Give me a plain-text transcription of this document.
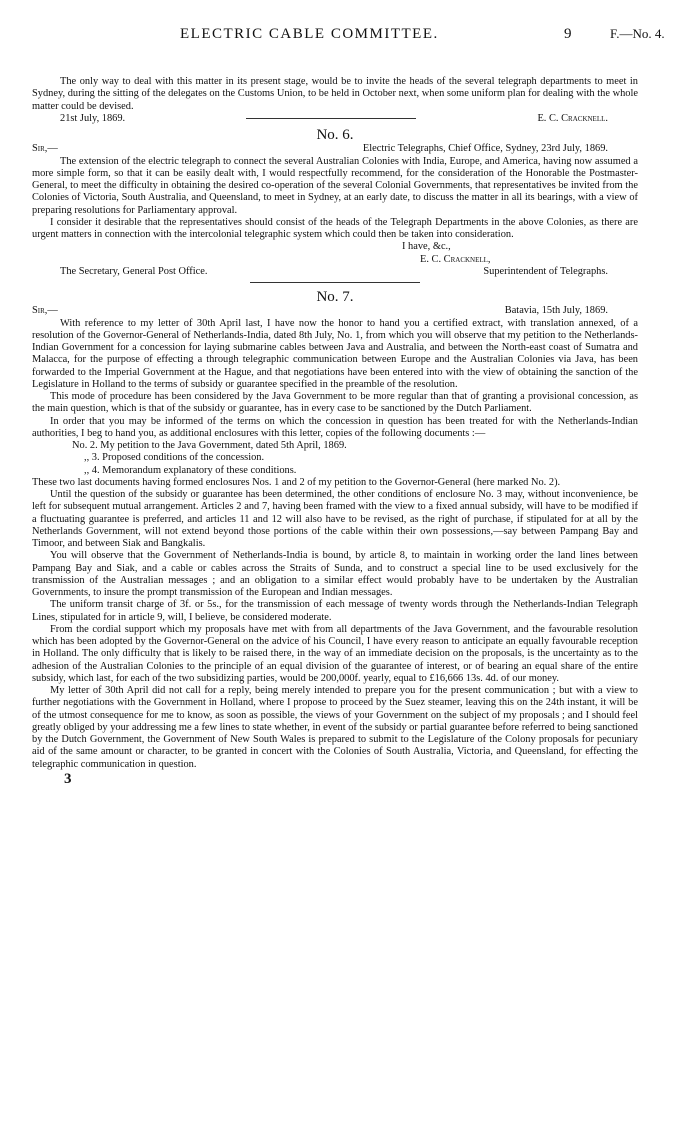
ELECTRIC CABLE COMMITTEE.	9	F.—No. 4.

The only way to deal with this matter in its present stage, would be to invite the heads of the several telegraph departments to meet in Sydney, during the sitting of the delegates on the Customs Union, to be held in October next, when some uniform plan for dealing with the whole matter could be devised.

21st July, 1869.	E. C. Cracknell.
No. 6.
Sir,—	Electric Telegraphs, Chief Office, Sydney, 23rd July, 1869.

The extension of the electric telegraph to connect the several Australian Colonies with India, Europe, and America, having now assumed a more simple form, so that it can be easily dealt with, I would respectfully recommend, for the consideration of the Honorable the Postmaster-General, to meet the difficulty in obtaining the desired co-operation of the several Colonial Governments, that representatives be invited from the Colonies of Victoria, South Australia, and Queensland, to meet in Sydney, at an early date, to discuss the matter in all its bearings, with a view of preparing resolutions for Parliamentary approval.

I consider it desirable that the representatives should consist of the heads of the Telegraph Departments in the above Colonies, as there are urgent matters in connection with the intercolonial telegraphic system which could then be taken into consideration.

I have, &c.,
E. C. Cracknell,
The Secretary, General Post Office.	Superintendent of Telegraphs.
No. 7.
Sir,—	Batavia, 15th July, 1869.

With reference to my letter of 30th April last, I have now the honor to hand you a certified extract, with translation annexed, of a resolution of the Governor-General of Netherlands-India, dated 8th July, No. 1, from which you will observe that my petition to the Netherlands-Indian Government for a concession for laying submarine cables between Java and Australia, and between the North-east coast of Sumatra and Malacca, for the purpose of effecting a through telegraphic communication between Europe and the Australian Colonies via Java, has been forwarded to the Imperial Government at the Hague, and that negotiations have been entered into with the view of obtaining the sanction of the Legislature in Holland to the terms of subsidy or guarantee specified in the preamble of the resolution.

This mode of procedure has been considered by the Java Government to be more regular than that of granting a provisional concession, as the main question, which is that of the subsidy or guarantee, has in every case to be sanctioned by the Dutch Parliament.

In order that you may be informed of the terms on which the concession in question has been treated for with the Netherlands-Indian authorities, I beg to hand you, as additional enclosures with this letter, copies of the following documents :—

No. 2. My petition to the Java Government, dated 5th April, 1869.
,, 3. Proposed conditions of the concession.
,, 4. Memorandum explanatory of these conditions.

These two last documents having formed enclosures Nos. 1 and 2 of my petition to the Governor-General (here marked No. 2).

Until the question of the subsidy or guarantee has been determined, the other conditions of enclosure No. 3 may, without inconvenience, be left for subsequent mutual arrangement. Articles 2 and 7, having been framed with the view to a fixed annual subsidy, will have to be modified if a fluctuating guarantee is preferred, and articles 11 and 12 will also have to be revised, as the right of purchase, if stipulated for at all by the Netherlands Government, will not extend beyond those portions of the cable within their own possessions,—say between Pampang Bay and Timoor, and between Siak and Bangkalis.

You will observe that the Government of Netherlands-India is bound, by article 8, to maintain in working order the land lines between Pampang Bay and Siak, and a cable or cables across the Straits of Sunda, and to construct a special line to be used exclusively for the transmission of the Australian messages ; and an obligation to a similar effect would probably have to be undertaken by the Australian Governments, to insure the prompt transmission of the European and Indian messages.

The uniform transit charge of 3f. or 5s., for the transmission of each message of twenty words through the Netherlands-Indian Telegraph Lines, stipulated for in article 9, will, I believe, be considered moderate.

From the cordial support which my proposals have met with from all departments of the Java Government, and the favourable resolution which has been adopted by the Governor-General on the advice of his Council, I have every reason to anticipate an equally favourable reception in Holland. The only difficulty that is likely to be raised there, in the way of an immediate decision on the proposals, is the uncertainty as to the adhesion of the Australian Colonies to the principle of an equal division of the guarantee of interest, or of bearing an equal share of the entire subsidy, which last, for each of the two subsidizing parties, would be 200,000f. yearly, equal to £16,666 13s. 4d. of our money.

My letter of 30th April did not call for a reply, being merely intended to prepare you for the present communication ; but with a view to further negotiations with the Government in Holland, where I propose to proceed by the Suez steamer, leaving this on the 24th instant, it will be of the utmost consequence for me to know, as soon as possible, the views of your Government on the subject of my proposals ; and I should feel greatly obliged by your addressing me a few lines to state whether, in event of the subsidy or partial guarantee before referred to being sanctioned by the Dutch Government, the Government of New South Wales is prepared to submit to the Legislature of the Colony proposals for pecuniary aid of the same amount or character, to be granted in concert with the Colonies of South Australia, Victoria, and Queensland, for effecting the telegraphic communication in question.

3
